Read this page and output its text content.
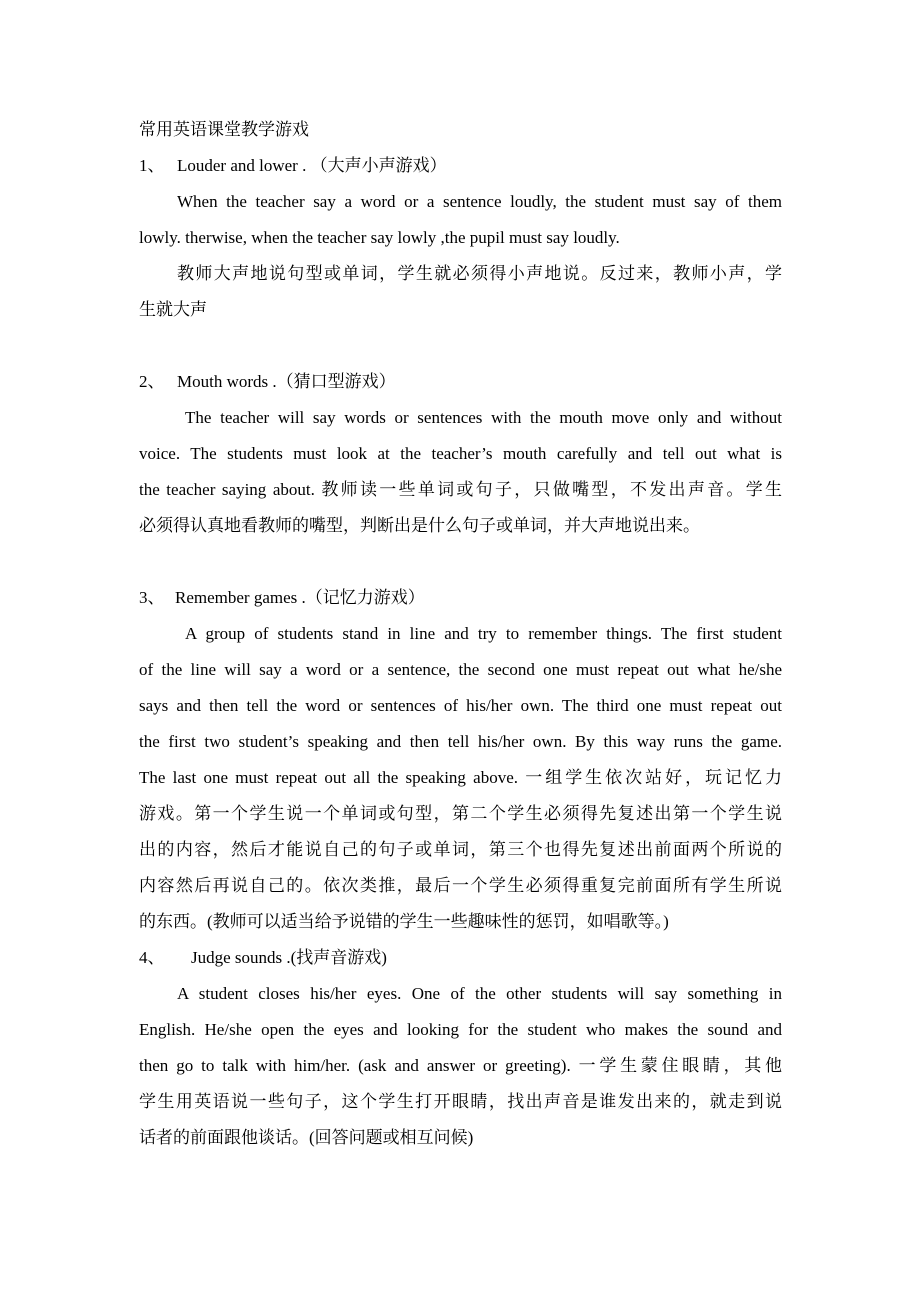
常用英语课堂教学游戏
1、 Louder and lower . （大声小声游戏）
When the teacher say a word or a sentence loudly, the student must say of them
lowly. therwise, when the teacher say lowly ,the pupil must say loudly.
教师大声地说句型或单词，学生就必须得小声地说。反过来，教师小声，学
生就大声
2、 Mouth words .（猜口型游戏）
The teacher will say words or sentences with the mouth move only and without
voice. The students must look at the teacher’s mouth carefully and tell out what is
the teacher saying about. 教师读一些单词或句子，只做嘴型，不发出声音。学生
必须得认真地看教师的嘴型，判断出是什么句子或单词，并大声地说出来。
3、 Remember games .（记忆力游戏）
A group of students stand in line and try to remember things. The first student
of the line will say a word or a sentence, the second one must repeat out what he/she
says and then tell the word or sentences of his/her own. The third one must repeat out
the first two student’s speaking and then tell his/her own. By this way runs the game.
The last one must repeat out all the speaking above. 一组学生依次站好，玩记忆力
游戏。第一个学生说一个单词或句型，第二个学生必须得先复述出第一个学生说
出的内容，然后才能说自己的句子或单词，第三个也得先复述出前面两个所说的
内容然后再说自己的。依次类推，最后一个学生必须得重复完前面所有学生所说
的东西。(教师可以适当给予说错的学生一些趣味性的惩罚，如唱歌等。)
4、 Judge sounds .(找声音游戏)
A student closes his/her eyes. One of the other students will say something in
English. He/she open the eyes and looking for the student who makes the sound and
then go to talk with him/her. (ask and answer or greeting). 一学生蒙住眼睛，其他
学生用英语说一些句子，这个学生打开眼睛，找出声音是谁发出来的，就走到说
话者的前面跟他谈话。(回答问题或相互问候)
